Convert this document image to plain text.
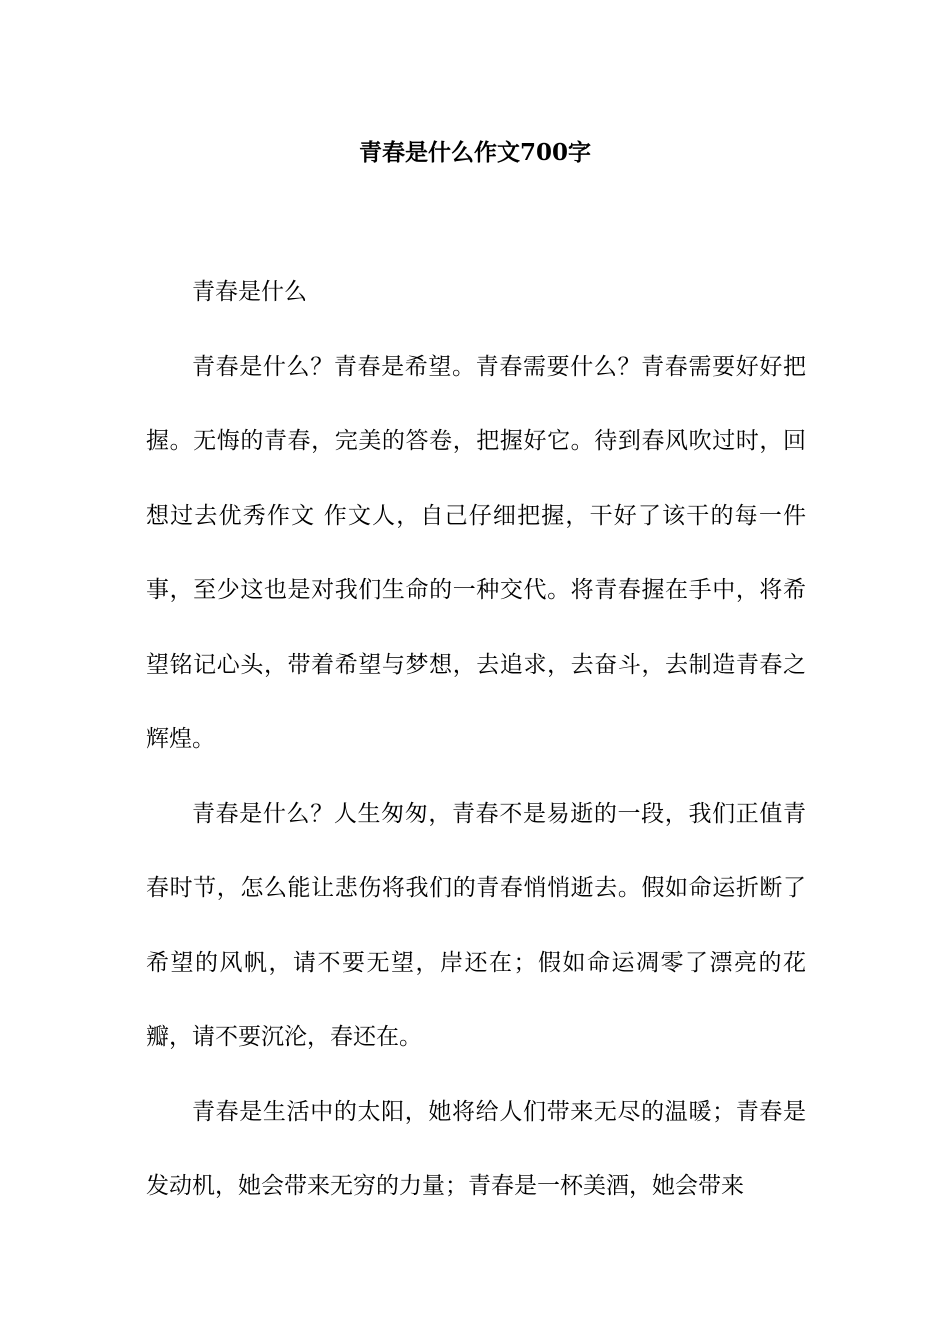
青春是什么作文700字

青春是什么

青春是什么？青春是希望。青春需要什么？青春需要好好把握。无悔的青春，完美的答卷，把握好它。待到春风吹过时，回想过去优秀作文 作文人，自己仔细把握，干好了该干的每一件事，至少这也是对我们生命的一种交代。将青春握在手中，将希望铭记心头，带着希望与梦想，去追求，去奋斗，去制造青春之辉煌。

青春是什么？人生匆匆，青春不是易逝的一段，我们正值青春时节，怎么能让悲伤将我们的青春悄悄逝去。假如命运折断了希望的风帆，请不要无望，岸还在；假如命运凋零了漂亮的花瓣，请不要沉沦，春还在。

青春是生活中的太阳，她将给人们带来无尽的温暖；青春是发动机，她会带来无穷的力量；青春是一杯美酒，她会带来
